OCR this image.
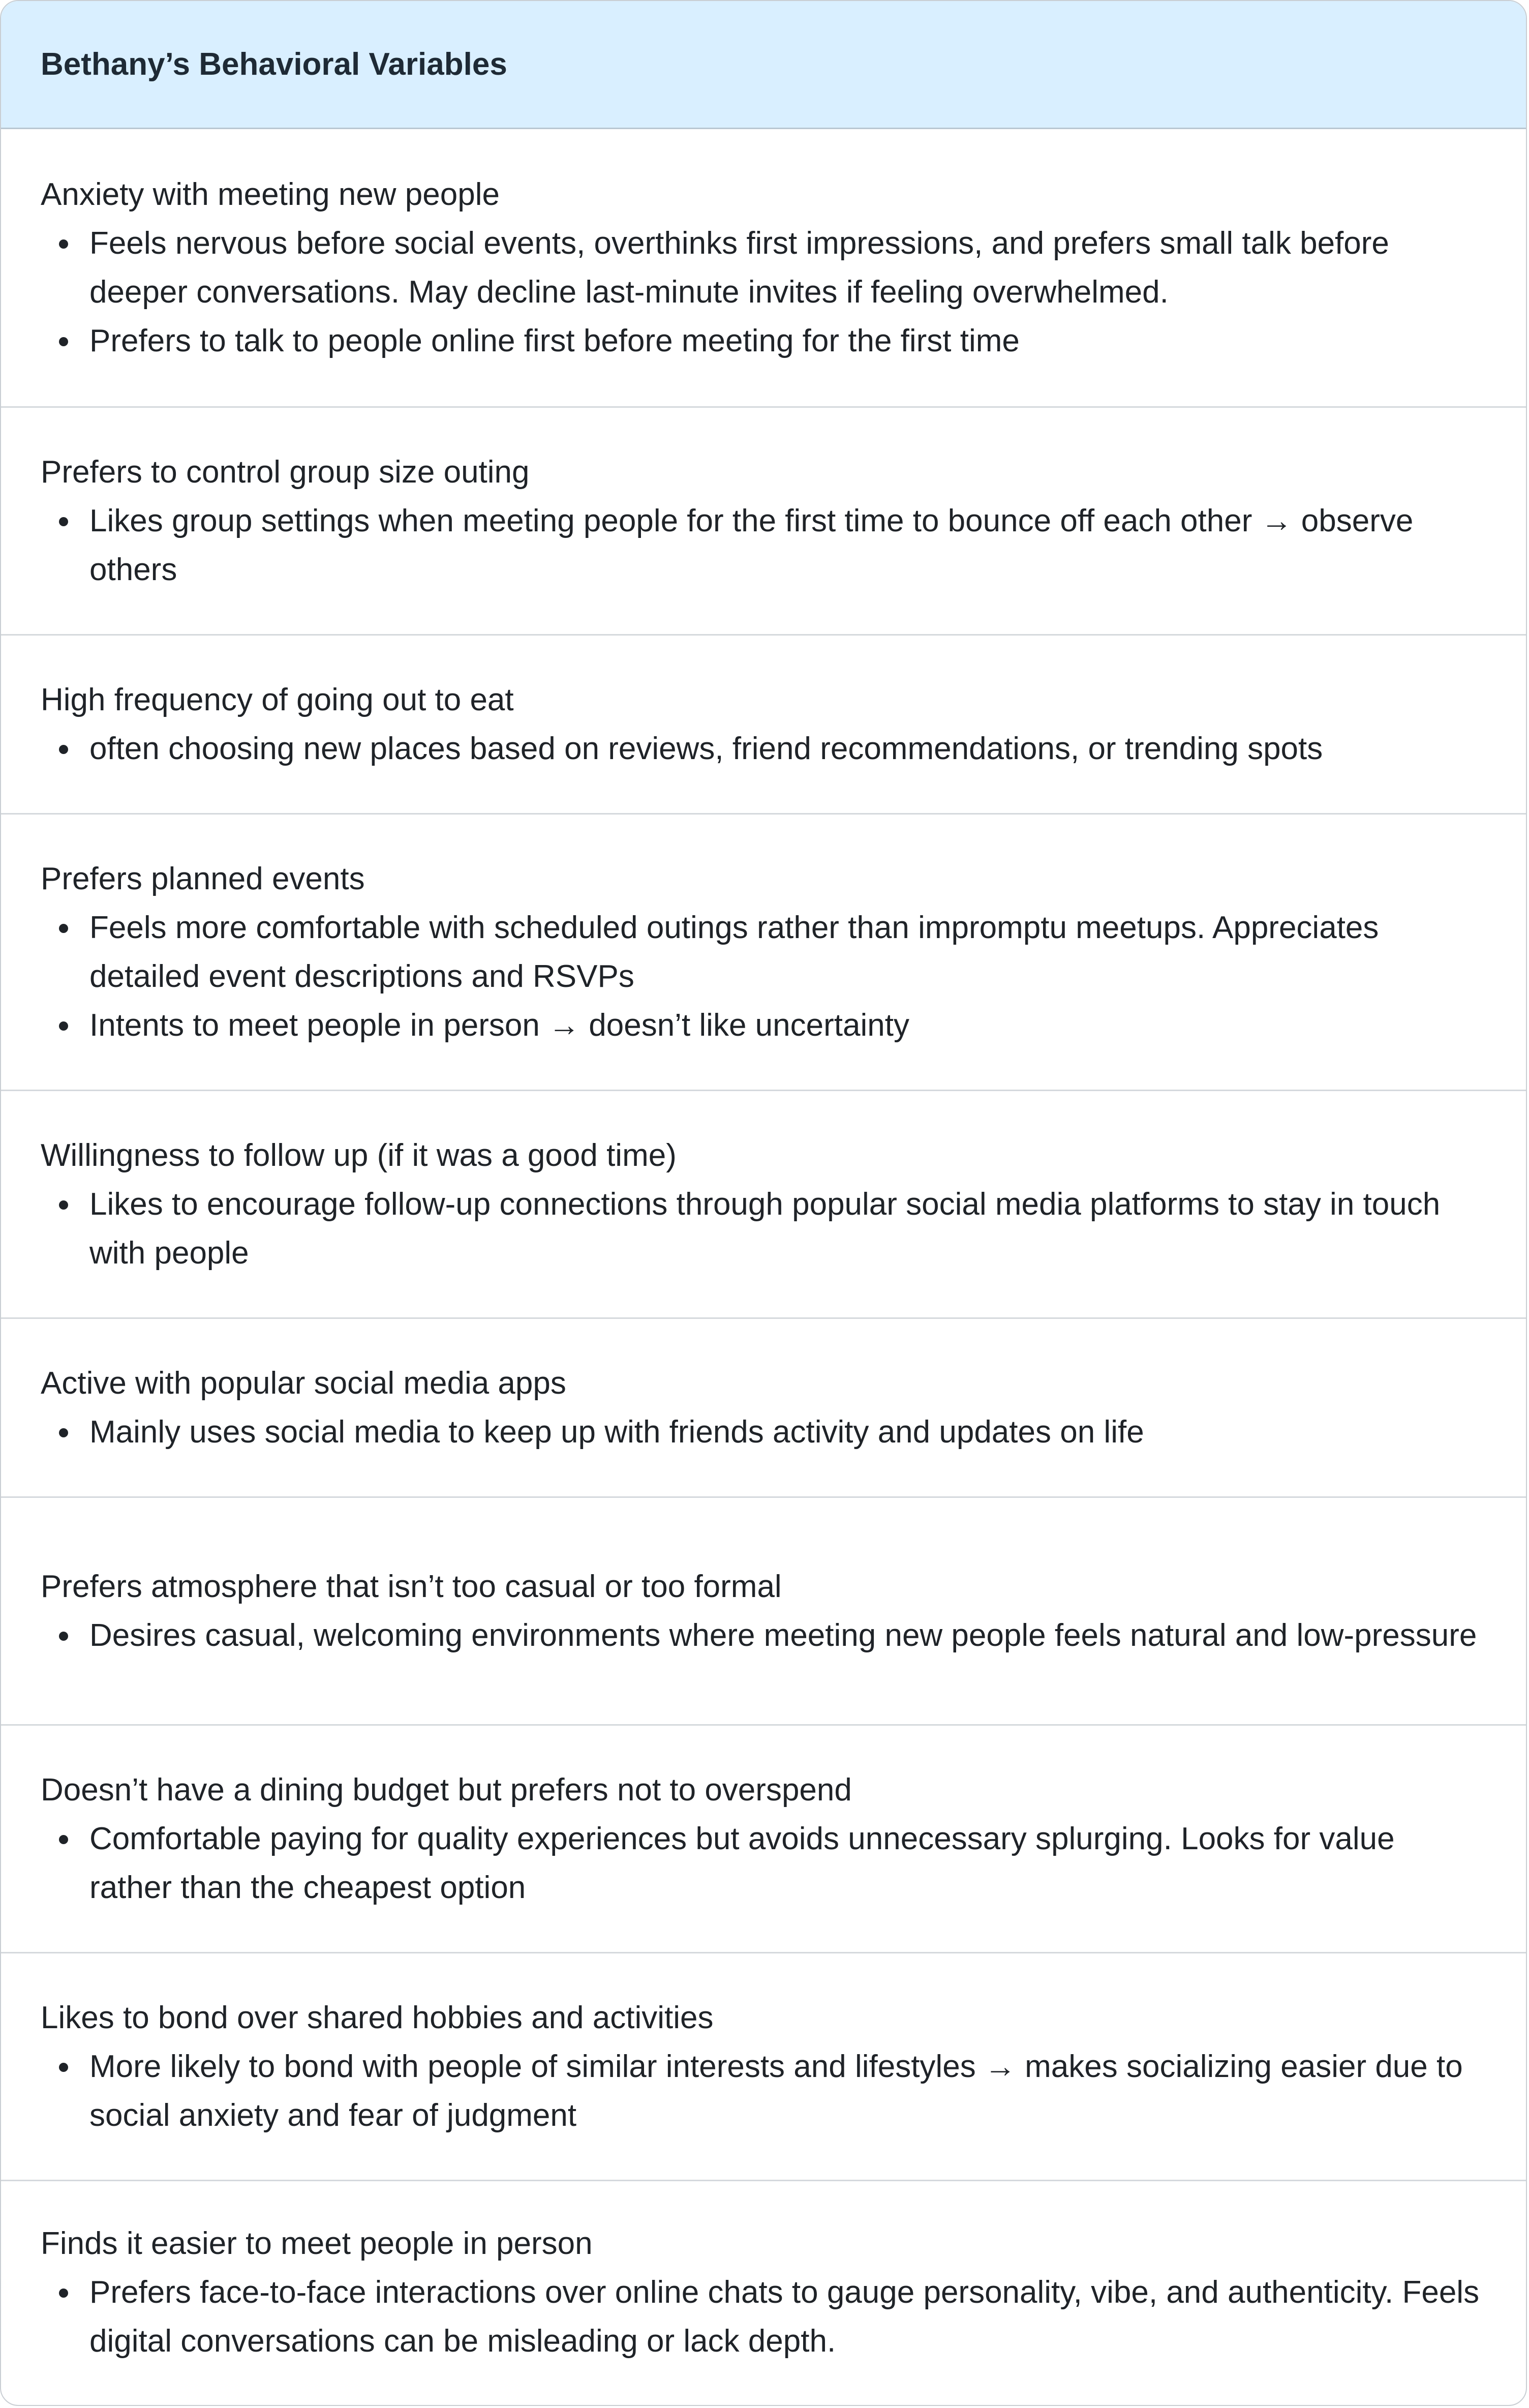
Bethany’s Behavioral Variables
Anxiety with meeting new people
Feels nervous before social events, overthinks first impressions, and prefers small talk before deeper conversations. May decline last-minute invites if feeling overwhelmed.
Prefers to talk to people online first before meeting for the first time
Prefers to control group size outing
Likes group settings when meeting people for the first time to bounce off each other → observe others
High frequency of going out to eat
often choosing new places based on reviews, friend recommendations, or trending spots
Prefers planned events
Feels more comfortable with scheduled outings rather than impromptu meetups. Appreciates detailed event descriptions and RSVPs
Intents to meet people in person → doesn’t like uncertainty
Willingness to follow up (if it was a good time)
Likes to encourage follow-up connections through popular social media platforms to stay in touch with people
Active with popular social media apps
Mainly uses social media to keep up with friends activity and updates on life
Prefers atmosphere that isn’t too casual or too formal
Desires casual, welcoming environments where meeting new people feels natural and low-pressure
Doesn’t have a dining budget but prefers not to overspend
Comfortable paying for quality experiences but avoids unnecessary splurging. Looks for value rather than the cheapest option
Likes to bond over shared hobbies and activities
More likely to bond with people of similar interests and lifestyles → makes socializing easier due to social anxiety and fear of judgment
Finds it easier to meet people in person
Prefers face-to-face interactions over online chats to gauge personality, vibe, and authenticity. Feels digital conversations can be misleading or lack depth.
